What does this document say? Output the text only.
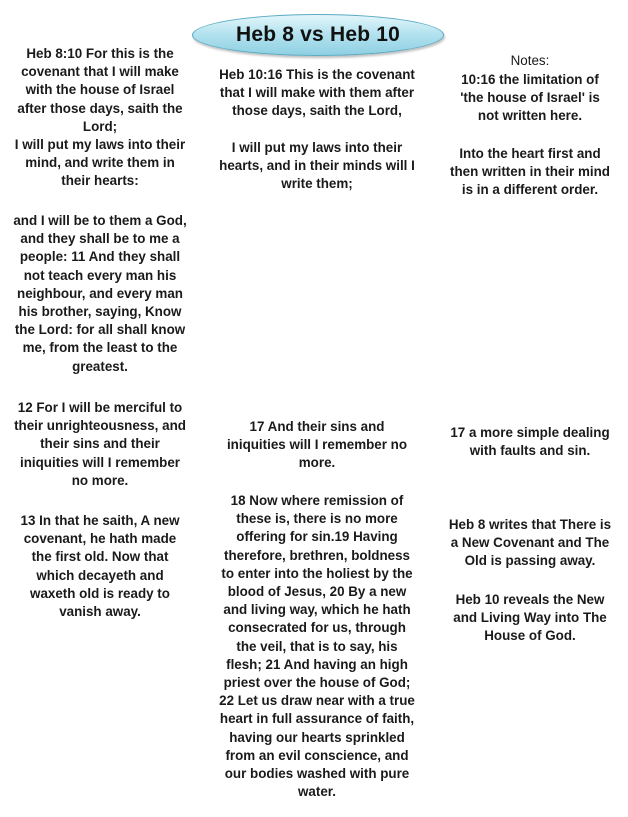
Heb 8 vs Heb 10

Heb 8:10 For this is the
covenant that I will make
with the house of Israel
after those days, saith the
Lord;
I will put my laws into their
mind, and write them in
their hearts:

and I will be to them a God,
and they shall be to me a
people: 11 And they shall
not teach every man his
neighbour, and every man
his brother, saying, Know
the Lord: for all shall know
me, from the least to the
greatest.

12 For I will be merciful to
their unrighteousness, and
their sins and their
iniquities will I remember
no more.

13 In that he saith, A new
covenant, he hath made
the first old. Now that
which decayeth and
waxeth old is ready to
vanish away.

Heb 10:16 This is the covenant
that I will make with them after
those days, saith the Lord,

I will put my laws into their
hearts, and in their minds will I
write them;

17 And their sins and
iniquities will I remember no
more.

18 Now where remission of
these is, there is no more
offering for sin.19 Having
therefore, brethren, boldness
to enter into the holiest by the
blood of Jesus, 20 By a new
and living way, which he hath
consecrated for us, through
the veil, that is to say, his
flesh; 21 And having an high
priest over the house of God;
22 Let us draw near with a true
heart in full assurance of faith,
having our hearts sprinkled
from an evil conscience, and
our bodies washed with pure
water.

Notes:

10:16 the limitation of
'the house of Israel' is
not written here.

Into the heart first and
then written in their mind
is in a different order.

17 a more simple dealing
with faults and sin.

Heb 8 writes that There is
a New Covenant and The
Old is passing away.

Heb 10 reveals the New
and Living Way into The
House of God.
